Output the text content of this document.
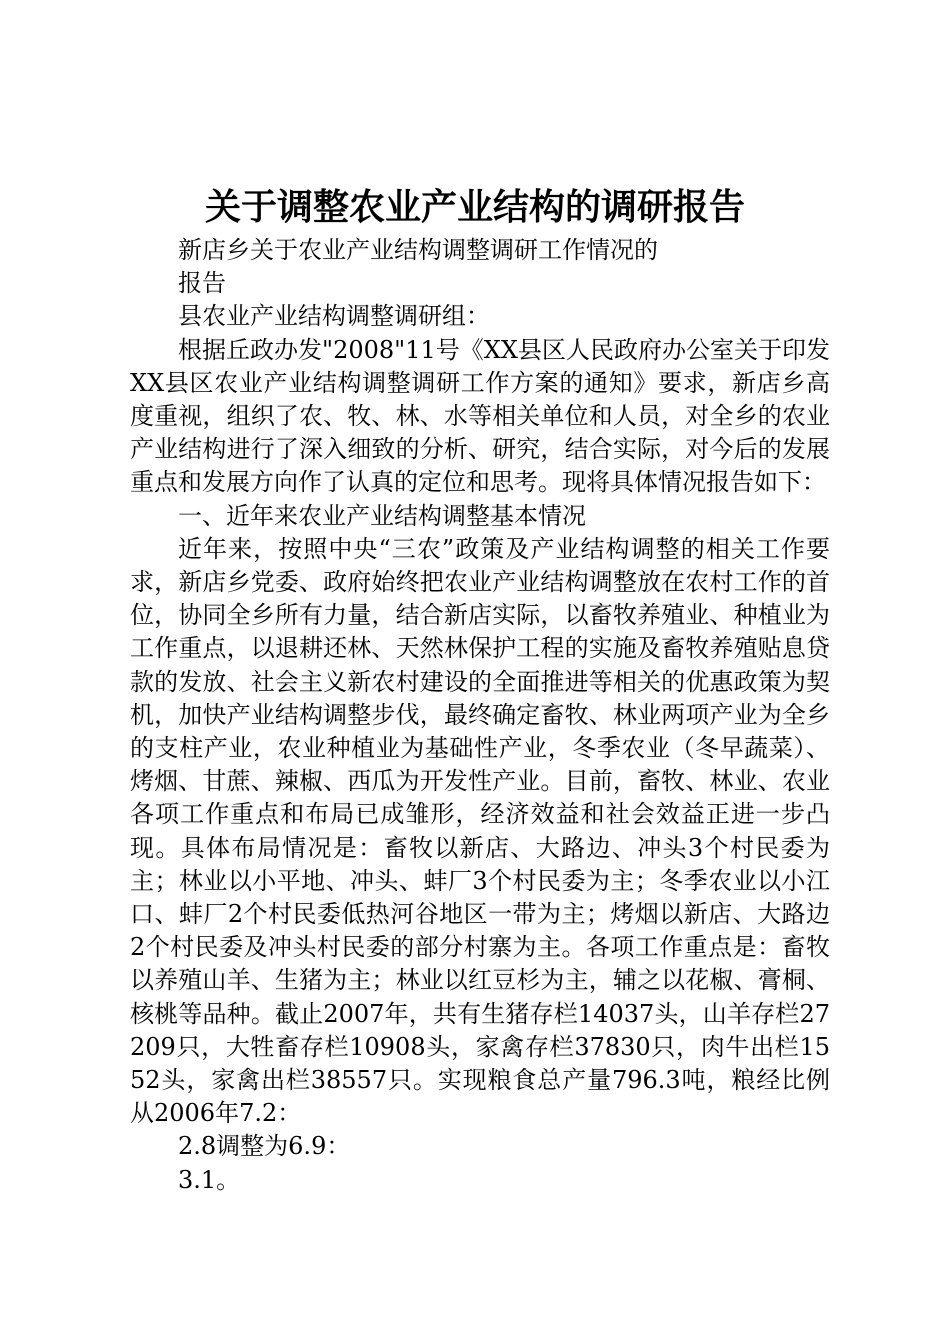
关于调整农业产业结构的调研报告

新店乡关于农业产业结构调整调研工作情况的

报告

县农业产业结构调整调研组：

根据丘政办发"2008"11号《XX县区人民政府办公室关于印发XX县区农业产业结构调整调研工作方案的通知》要求，新店乡高度重视，组织了农、牧、林、水等相关单位和人员，对全乡的农业产业结构进行了深入细致的分析、研究，结合实际，对今后的发展重点和发展方向作了认真的定位和思考。现将具体情况报告如下：

一、近年来农业产业结构调整基本情况

近年来，按照中央“三农”政策及产业结构调整的相关工作要求，新店乡党委、政府始终把农业产业结构调整放在农村工作的首位，协同全乡所有力量，结合新店实际，以畜牧养殖业、种植业为工作重点，以退耕还林、天然林保护工程的实施及畜牧养殖贴息贷款的发放、社会主义新农村建设的全面推进等相关的优惠政策为契机，加快产业结构调整步伐，最终确定畜牧、林业两项产业为全乡的支柱产业，农业种植业为基础性产业，冬季农业（冬早蔬菜）、烤烟、甘蔗、辣椒、西瓜为开发性产业。目前，畜牧、林业、农业各项工作重点和布局已成雏形，经济效益和社会效益正进一步凸现。具体布局情况是：畜牧以新店、大路边、冲头3个村民委为主；林业以小平地、冲头、蚌厂3个村民委为主；冬季农业以小江口、蚌厂2个村民委低热河谷地区一带为主；烤烟以新店、大路边2个村民委及冲头村民委的部分村寨为主。各项工作重点是：畜牧以养殖山羊、生猪为主；林业以红豆杉为主，辅之以花椒、膏桐、核桃等品种。截止2007年，共有生猪存栏14037头，山羊存栏27209只，大牲畜存栏10908头，家禽存栏37830只，肉牛出栏1552头，家禽出栏38557只。实现粮食总产量796.3吨，粮经比例从2006年7.2：

2.8调整为6.9：

3.1。
